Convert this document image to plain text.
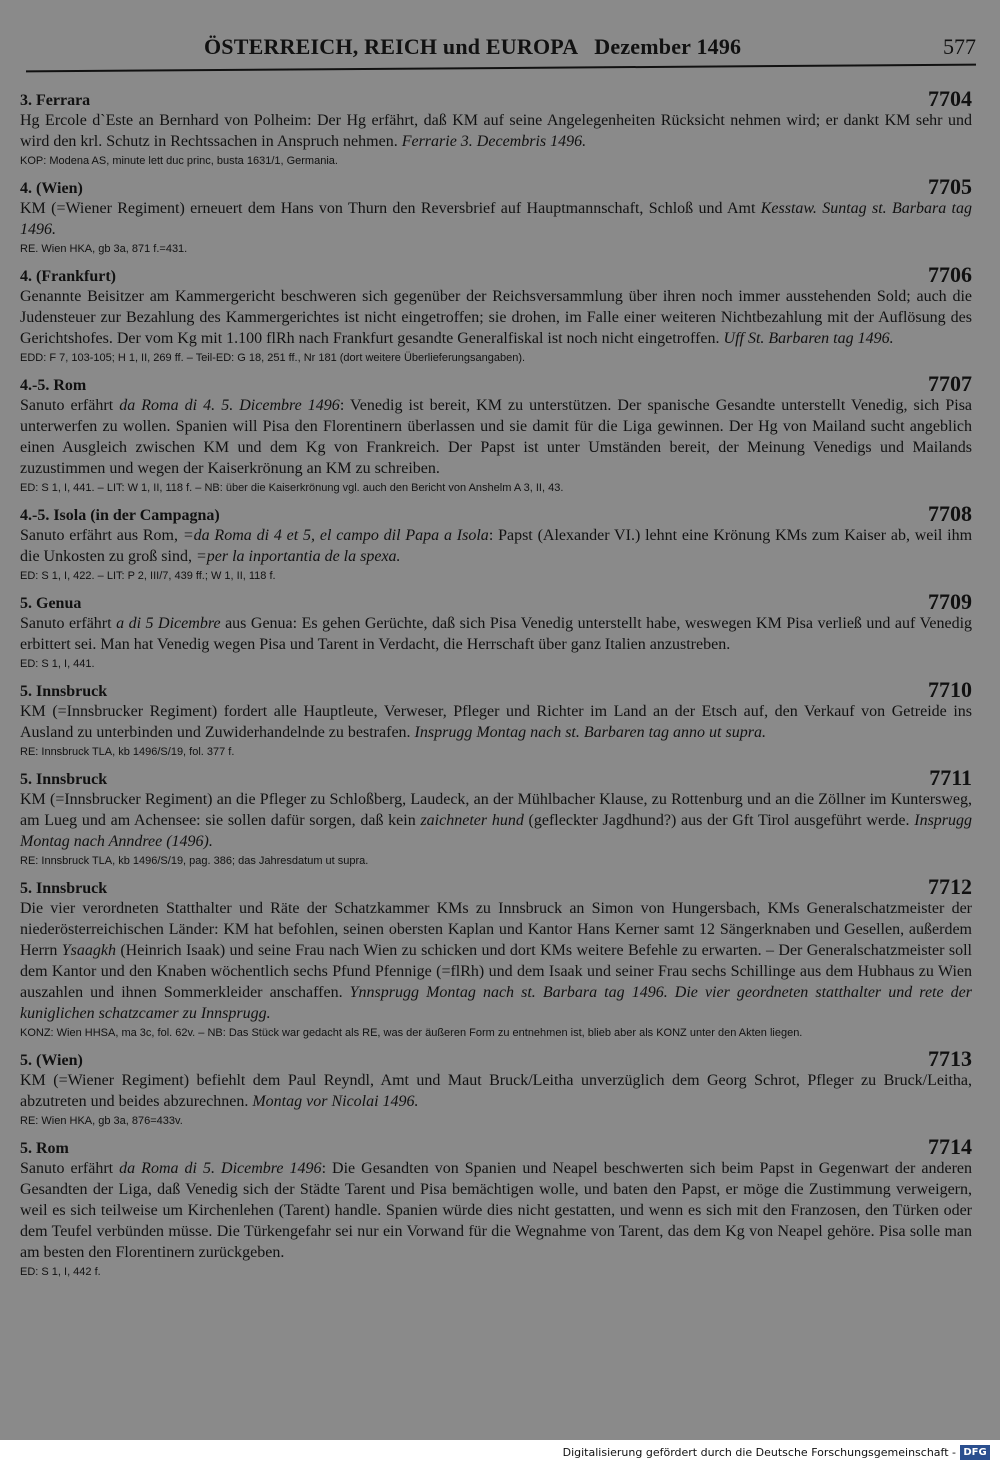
ÖSTERREICH, REICH und EUROPA   Dezember 1496	577
3. Ferrara	7704

Hg Ercole d`Este an Bernhard von Polheim: Der Hg erfährt, daß KM auf seine Angelegenheiten Rücksicht nehmen wird; er dankt KM sehr und wird den krl. Schutz in Rechtssachen in Anspruch nehmen. Ferrarie 3. Decembris 1496.

KOP: Modena AS, minute lett duc princ, busta 1631/1, Germania.

4. (Wien)	7705

KM (=Wiener Regiment) erneuert dem Hans von Thurn den Reversbrief auf Hauptmannschaft, Schloß und Amt Kesstaw. Suntag st. Barbara tag 1496.

RE. Wien HKA, gb 3a, 871 f.=431.

4. (Frankfurt)	7706

Genannte Beisitzer am Kammergericht beschweren sich gegenüber der Reichsversammlung über ihren noch immer ausstehenden Sold; auch die Judensteuer zur Bezahlung des Kammergerichtes ist nicht eingetroffen; sie drohen, im Falle einer weiteren Nichtbezahlung mit der Auflösung des Gerichtshofes. Der vom Kg mit 1.100 flRh nach Frankfurt gesandte Generalfiskal ist noch nicht eingetroffen. Uff St. Barbaren tag 1496.

EDD: F 7, 103-105; H 1, II, 269 ff. – Teil-ED: G 18, 251 ff., Nr 181 (dort weitere Überlieferungsangaben).

4.-5. Rom	7707

Sanuto erfährt da Roma di 4. 5. Dicembre 1496: Venedig ist bereit, KM zu unterstützen. Der spanische Gesandte unterstellt Venedig, sich Pisa unterwerfen zu wollen. Spanien will Pisa den Florentinern überlassen und sie damit für die Liga gewinnen. Der Hg von Mailand sucht angeblich einen Ausgleich zwischen KM und dem Kg von Frankreich. Der Papst ist unter Umständen bereit, der Meinung Venedigs und Mailands zuzustimmen und wegen der Kaiserkrönung an KM zu schreiben.

ED: S 1, I, 441. – LIT: W 1, II, 118 f. – NB: über die Kaiserkrönung vgl. auch den Bericht von Anshelm A 3, II, 43.

4.-5. Isola (in der Campagna)	7708

Sanuto erfährt aus Rom, =da Roma di 4 et 5, el campo dil Papa a Isola: Papst (Alexander VI.) lehnt eine Krönung KMs zum Kaiser ab, weil ihm die Unkosten zu groß sind, =per la inportantia de la spexa.

ED: S 1, I, 422. – LIT: P 2, III/7, 439 ff.; W 1, II, 118 f.

5. Genua	7709

Sanuto erfährt a di 5 Dicembre aus Genua: Es gehen Gerüchte, daß sich Pisa Venedig unterstellt habe, weswegen KM Pisa verließ und auf Venedig erbittert sei. Man hat Venedig wegen Pisa und Tarent in Verdacht, die Herrschaft über ganz Italien anzustreben.

ED: S 1, I, 441.

5. Innsbruck	7710

KM (=Innsbrucker Regiment) fordert alle Hauptleute, Verweser, Pfleger und Richter im Land an der Etsch auf, den Verkauf von Getreide ins Ausland zu unterbinden und Zuwiderhandelnde zu bestrafen. Insprugg Montag nach st. Barbaren tag anno ut supra.

RE: Innsbruck TLA, kb 1496/S/19, fol. 377 f.

5. Innsbruck	7711

KM (=Innsbrucker Regiment) an die Pfleger zu Schloßberg, Laudeck, an der Mühlbacher Klause, zu Rottenburg und an die Zöllner im Kuntersweg, am Lueg und am Achensee: sie sollen dafür sorgen, daß kein zaichneter hund (gefleckter Jagdhund?) aus der Gft Tirol ausgeführt werde. Insprugg Montag nach Anndree (1496).

RE: Innsbruck TLA, kb 1496/S/19, pag. 386; das Jahresdatum ut supra.

5. Innsbruck	7712

Die vier verordneten Statthalter und Räte der Schatzkammer KMs zu Innsbruck an Simon von Hungersbach, KMs Generalschatzmeister der niederösterreichischen Länder: KM hat befohlen, seinen obersten Kaplan und Kantor Hans Kerner samt 12 Sängerknaben und Gesellen, außerdem Herrn Ysaagkh (Heinrich Isaak) und seine Frau nach Wien zu schicken und dort KMs weitere Befehle zu erwarten. – Der Generalschatzmeister soll dem Kantor und den Knaben wöchentlich sechs Pfund Pfennige (=flRh) und dem Isaak und seiner Frau sechs Schillinge aus dem Hubhaus zu Wien auszahlen und ihnen Sommerkleider anschaffen. Ynnsprugg Montag nach st. Barbara tag 1496. Die vier geordneten statthalter und rete der kuniglichen schatzcamer zu Innsprugg.

KONZ: Wien HHSA, ma 3c, fol. 62v. – NB: Das Stück war gedacht als RE, was der äußeren Form zu entnehmen ist, blieb aber als KONZ unter den Akten liegen.

5. (Wien)	7713

KM (=Wiener Regiment) befiehlt dem Paul Reyndl, Amt und Maut Bruck/Leitha unverzüglich dem Georg Schrot, Pfleger zu Bruck/Leitha, abzutreten und beides abzurechnen. Montag vor Nicolai 1496.

RE: Wien HKA, gb 3a, 876=433v.

5. Rom	7714

Sanuto erfährt da Roma di 5. Dicembre 1496: Die Gesandten von Spanien und Neapel beschwerten sich beim Papst in Gegenwart der anderen Gesandten der Liga, daß Venedig sich der Städte Tarent und Pisa bemächtigen wolle, und baten den Papst, er möge die Zustimmung verweigern, weil es sich teilweise um Kirchenlehen (Tarent) handle. Spanien würde dies nicht gestatten, und wenn es sich mit den Franzosen, den Türken oder dem Teufel verbünden müsse. Die Türkengefahr sei nur ein Vorwand für die Wegnahme von Tarent, das dem Kg von Neapel gehöre. Pisa solle man am besten den Florentinern zurückgeben.

ED: S 1, I, 442 f.

Digitalisierung gefördert durch die Deutsche Forschungsgemeinschaft - DFG
